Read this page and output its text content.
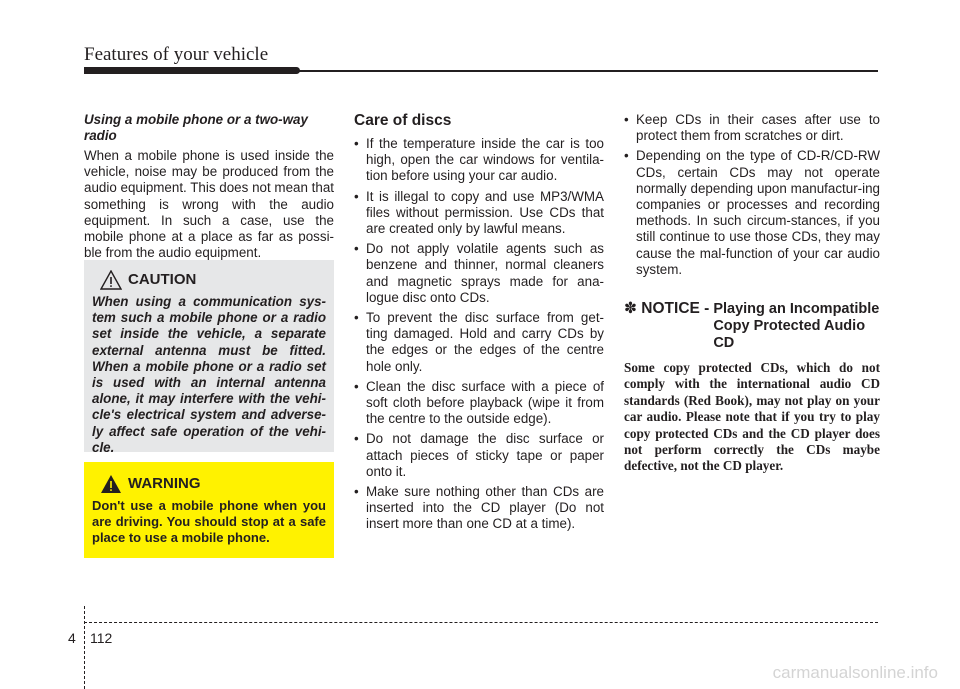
Features of your vehicle

Using a mobile phone or a two-way radio

When a mobile phone is used inside the vehicle, noise may be produced from the audio equipment. This does not mean that something is wrong with the audio equipment. In such a case, use the mobile phone at a place as far as possi-ble from the audio equipment.

CAUTION

When using a communication sys-tem such a mobile phone or a radio set inside the vehicle, a separate external antenna must be fitted. When a mobile phone or a radio set is used with an internal antenna alone, it may interfere with the vehi-cle's electrical system and adverse-ly affect safe operation of the vehi-cle.

WARNING

Don't use a mobile phone when you are driving. You should stop at a safe place to use a mobile phone.

Care of discs
• If the temperature inside the car is too high, open the car windows for ventila-tion before using your car audio.
• It is illegal to copy and use MP3/WMA files without permission. Use CDs that are created only by lawful means.
• Do not apply volatile agents such as benzene and thinner, normal cleaners and magnetic sprays made for ana-logue disc onto CDs.
• To prevent the disc surface from get-ting damaged. Hold and carry CDs by the edges or the edges of the centre hole only.
• Clean the disc surface with a piece of soft cloth before playback (wipe it from the centre to the outside edge).
• Do not damage the disc surface or attach pieces of sticky tape or paper onto it.
• Make sure nothing other than CDs are inserted into the CD player (Do not insert more than one CD at a time).
• Keep CDs in their cases after use to protect them from scratches or dirt.
• Depending on the type of CD-R/CD-RW CDs, certain CDs may not operate normally depending upon manufactur-ing companies or processes and recording methods. In such circum-stances, if you still continue to use those CDs, they may cause the mal-function of your car audio system.
✽ NOTICE - Playing an Incompatible Copy Protected Audio CD

Some copy protected CDs, which do not comply with the international audio CD standards (Red Book), may not play on your car audio. Please note that if you try to play copy protected CDs and the CD player does not perform correctly the CDs maybe defective, not the CD player.

4 112
carmanualsonline.info
